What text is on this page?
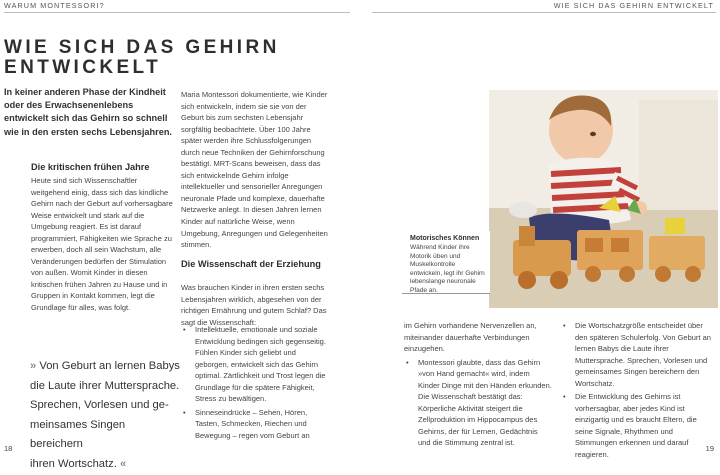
WARUM MONTESSORI?	WIE SICH DAS GEHIRN ENTWICKELT
WIE SICH DAS GEHIRN
ENTWICKELT
In keiner anderen Phase der Kindheit oder des Erwachsenenlebens entwickelt sich das Gehirn so schnell wie in den ersten sechs Lebensjahren.
Die kritischen frühen Jahre
Heute sind sich Wissenschaftler weitgehend einig, dass sich das kindliche Gehirn nach der Geburt auf vorhersagbare Weise entwickelt und stark auf die Umgebung reagiert. Es ist darauf programmiert, Fähigkeiten wie Sprache zu erwerben, doch all sein Wachstum, alle Veränderungen bedürfen der Stimulation von außen. Womit Kinder in diesen kritischen frühen Jahren zu Hause und in Gruppen in Kontakt kommen, legt die Grundlage für alles, was folgt.
Maria Montessori dokumentierte, wie Kinder sich entwickeln, indem sie sie von der Geburt bis zum sechsten Lebensjahr sorgfältig beobachtete. Über 100 Jahre später werden ihre Schlussfolgerungen durch neue Techniken der Gehirnforschung bestätigt. MRT-Scans beweisen, dass das sich entwickelnde Gehirn infolge intellektueller und sensorieller Anregungen neuronale Pfade und komplexe, dauerhafte Netzwerke anlegt. In diesen Jahren lernen Kinder auf natürliche Weise, wenn Umgebung, Anregungen und Gelegenheiten stimmen.
Die Wissenschaft der Erziehung
Was brauchen Kinder in ihren ersten sechs Lebensjahren wirklich, abgesehen von der richtigen Ernährung und gutem Schlaf? Das sagt die Wissenschaft:
• Intellektuelle, emotionale und soziale Entwicklung bedingen sich gegenseitig. Fühlen Kinder sich geliebt und geborgen, entwickelt sich das Gehirn optimal. Zärtlichkeit und Trost legen die Grundlage für die spätere Fähigkeit, Stress zu bewältigen.
• Sinneseindrücke – Sehen, Hören, Tasten, Schmecken, Riechen und Bewegung – regen vom Geburt an
im Gehirn vorhandene Nervenzellen an, miteinander dauerhafte Verbindungen einzugehen.
• Montessori glaubte, dass das Gehirn »von Hand gemacht« wird, indem Kinder Dinge mit den Händen erkunden. Die Wissenschaft bestätigt das: Körperliche Aktivität steigert die Zellproduktion im Hippocampus des Gehirns, der für Lernen, Gedächtnis und die Stimmung zentral ist.
• Die Wortschatzgröße entscheidet über den späteren Schulerfolg. Von Geburt an lernen Babys die Laute ihrer Muttersprache. Sprechen, Vorlesen und gemeinsames Singen bereichern den Wortschatz.
• Die Entwicklung des Gehirns ist vorhersagbar, aber jedes Kind ist einzigartig und es braucht Eltern, die seine Signale, Rhythmen und Stimmungen erkennen und darauf reagieren.
» Von Geburt an lernen Babys
die Laute ihrer Muttersprache.
Sprechen, Vorlesen und ge-
meinsames Singen bereichern
ihren Wortschatz. «
Motorisches Können
Während Kinder ihre Motorik üben und Muskelkontrolle entwickeln, legt ihr Gehirn lebenslange neuronale Pfade an.
18	19
